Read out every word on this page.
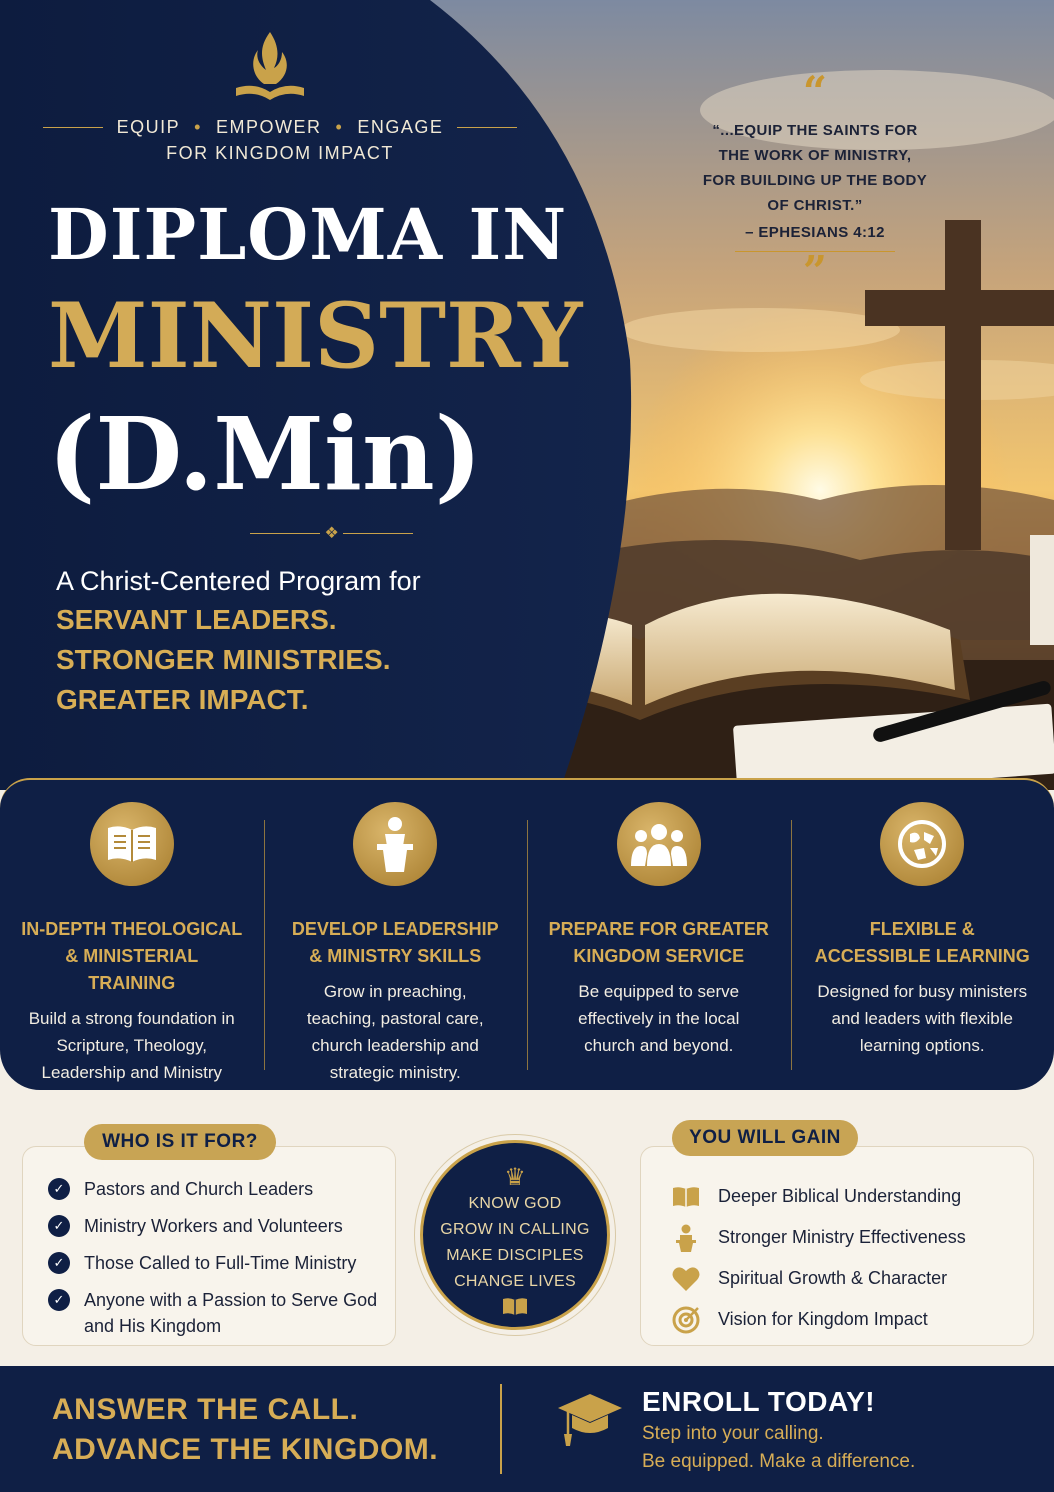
EQUIP • EMPOWER • ENGAGE
FOR KINGDOM IMPACT
DIPLOMA IN
MINISTRY
(D.Min)
❖
A Christ-Centered Program for
SERVANT LEADERS.
STRONGER MINISTRIES.
GREATER IMPACT.
“
“...EQUIP THE SAINTS FOR THE WORK OF MINISTRY, FOR BUILDING UP THE BODY OF CHRIST.”
– EPHESIANS 4:12
”
IN-DEPTH THEOLOGICAL & MINISTERIAL TRAINING
Build a strong foundation in Scripture, Theology, Leadership and Ministry
DEVELOP LEADERSHIP & MINISTRY SKILLS
Grow in preaching, teaching, pastoral care, church leadership and strategic ministry.
PREPARE FOR GREATER KINGDOM SERVICE
Be equipped to serve effectively in the local church and beyond.
FLEXIBLE & ACCESSIBLE LEARNING
Designed for busy ministers and leaders with flexible learning options.
WHO IS IT FOR?
✓	Pastors and Church Leaders
✓	Ministry Workers and Volunteers
✓	Those Called to Full-Time Ministry
✓	Anyone with a Passion to Serve God and His Kingdom
♛
KNOW GOD
GROW IN CALLING
MAKE DISCIPLES
CHANGE LIVES
YOU WILL GAIN
Deeper Biblical Understanding
Stronger Ministry Effectiveness
Spiritual Growth & Character
Vision for Kingdom Impact
ANSWER THE CALL.
ADVANCE THE KINGDOM.
ENROLL TODAY!
Step into your calling.
Be equipped. Make a difference.
